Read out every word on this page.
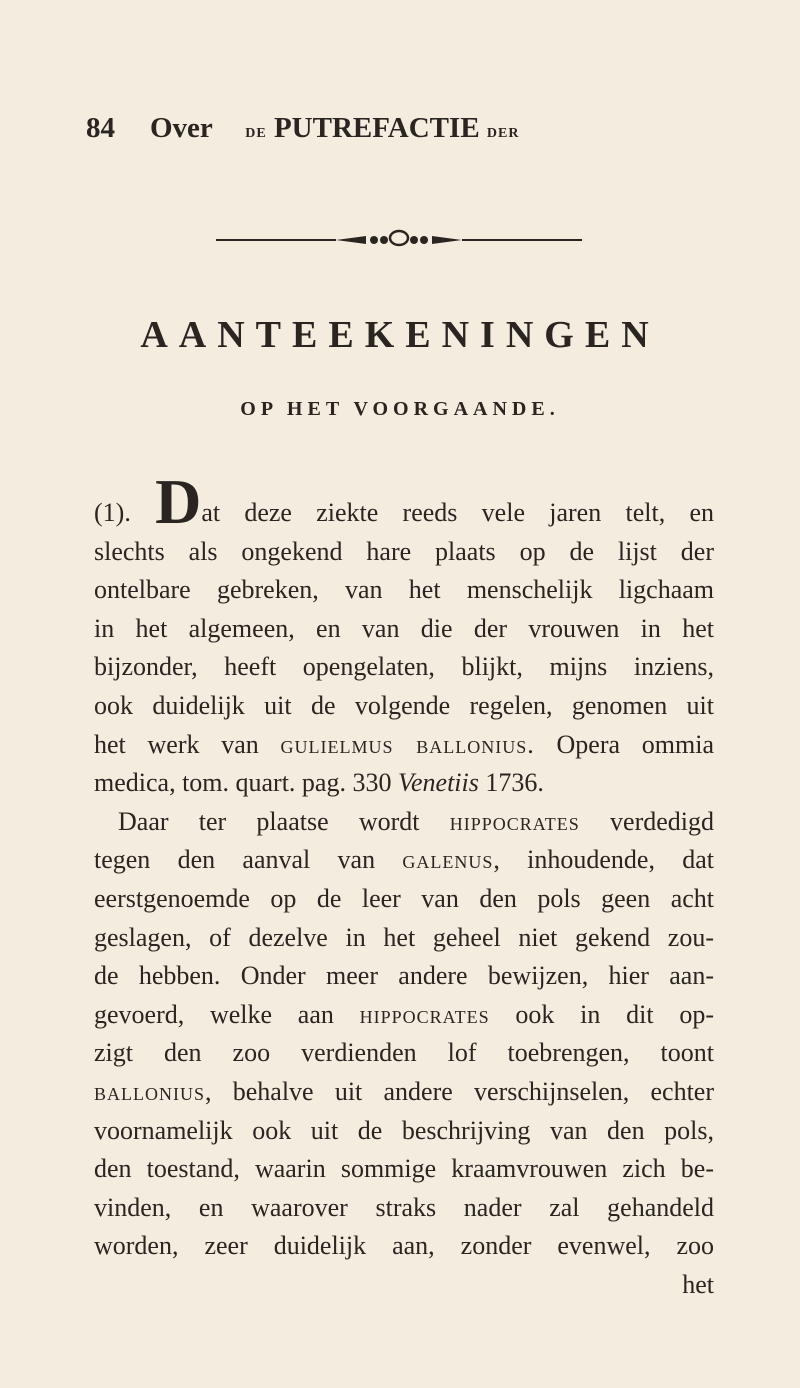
84 Over de PUTREFACTIE der
AANTEEKENINGEN
OP HET VOORGAANDE.
(1). Dat deze ziekte reeds vele jaren telt, en
slechts als ongekend hare plaats op de lijst der
ontelbare gebreken, van het menschelijk ligchaam
in het algemeen, en van die der vrouwen in het
bijzonder, heeft opengelaten, blijkt, mijns inziens,
ook duidelijk uit de volgende regelen, genomen uit
het werk van gulielmus ballonius. Opera ommia
medica, tom. quart. pag. 330 Venetiis 1736.
Daar ter plaatse wordt hippocrates verdedigd
tegen den aanval van galenus, inhoudende, dat
eerstgenoemde op de leer van den pols geen acht
geslagen, of dezelve in het geheel niet gekend zou-
de hebben. Onder meer andere bewijzen, hier aan-
gevoerd, welke aan hippocrates ook in dit op-
zigt den zoo verdienden lof toebrengen, toont
ballonius, behalve uit andere verschijnselen, echter
voornamelijk ook uit de beschrijving van den pols,
den toestand, waarin sommige kraamvrouwen zich be-
vinden, en waarover straks nader zal gehandeld
worden, zeer duidelijk aan, zonder evenwel, zoo
het
